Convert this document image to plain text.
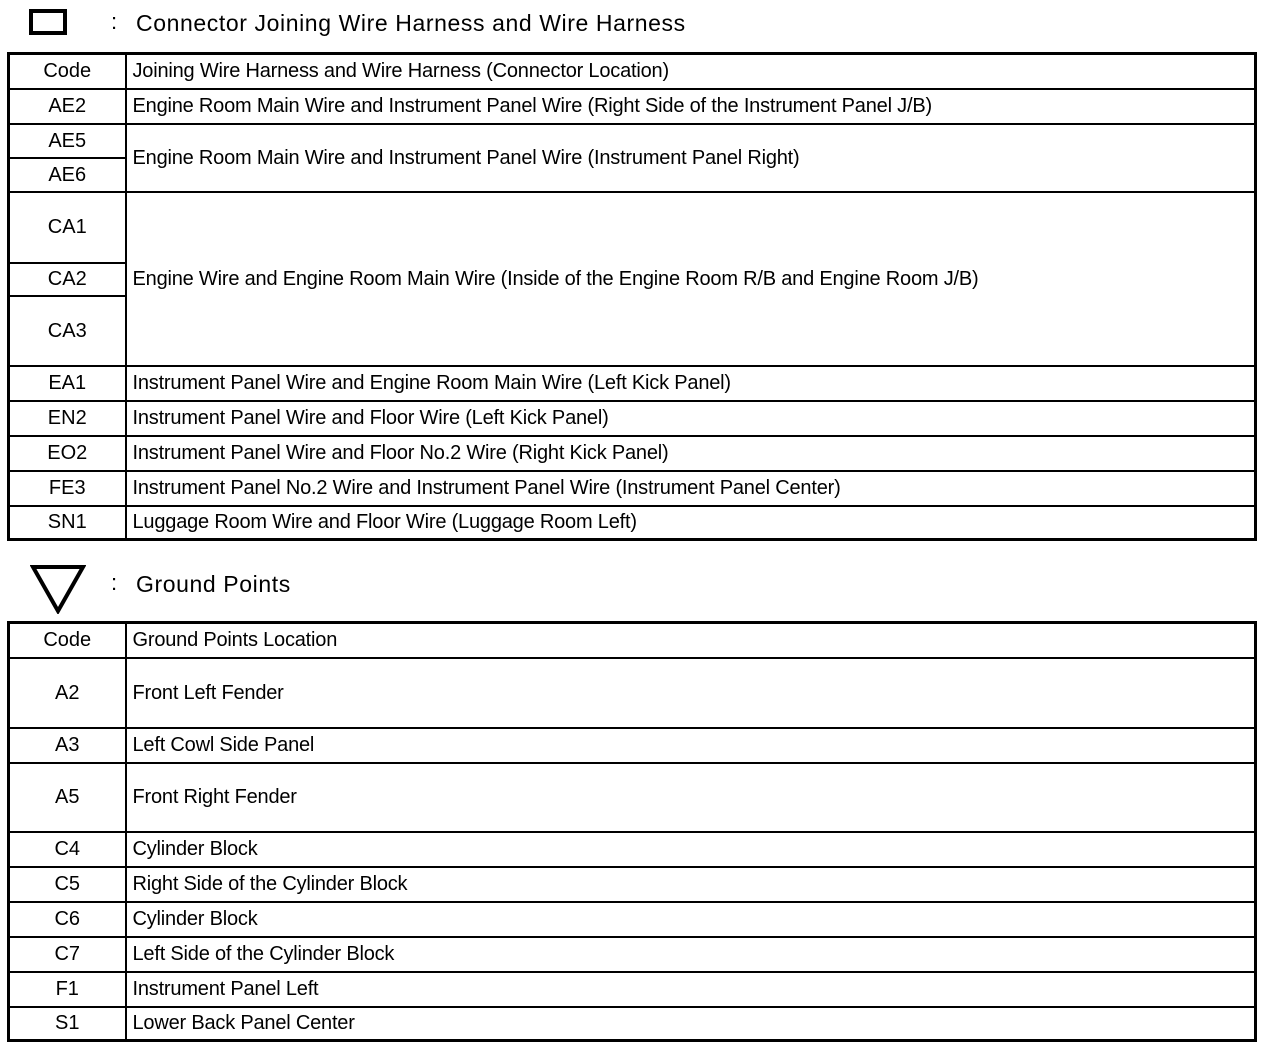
: Connector Joining Wire Harness and Wire Harness
Code	Joining Wire Harness and Wire Harness (Connector Location)
AE2	Engine Room Main Wire and Instrument Panel Wire (Right Side of the Instrument Panel J/B)
AE5	Engine Room Main Wire and Instrument Panel Wire (Instrument Panel Right)
AE6	
CA1	Engine Wire and Engine Room Main Wire (Inside of the Engine Room R/B and Engine Room J/B)
CA2	
CA3	
EA1	Instrument Panel Wire and Engine Room Main Wire (Left Kick Panel)
EN2	Instrument Panel Wire and Floor Wire (Left Kick Panel)
EO2	Instrument Panel Wire and Floor No.2 Wire (Right Kick Panel)
FE3	Instrument Panel No.2 Wire and Instrument Panel Wire (Instrument Panel Center)
SN1	Luggage Room Wire and Floor Wire (Luggage Room Left)
: Ground Points
Code	Ground Points Location
A2	Front Left Fender
A3	Left Cowl Side Panel
A5	Front Right Fender
C4	Cylinder Block
C5	Right Side of the Cylinder Block
C6	Cylinder Block
C7	Left Side of the Cylinder Block
F1	Instrument Panel Left
S1	Lower Back Panel Center
